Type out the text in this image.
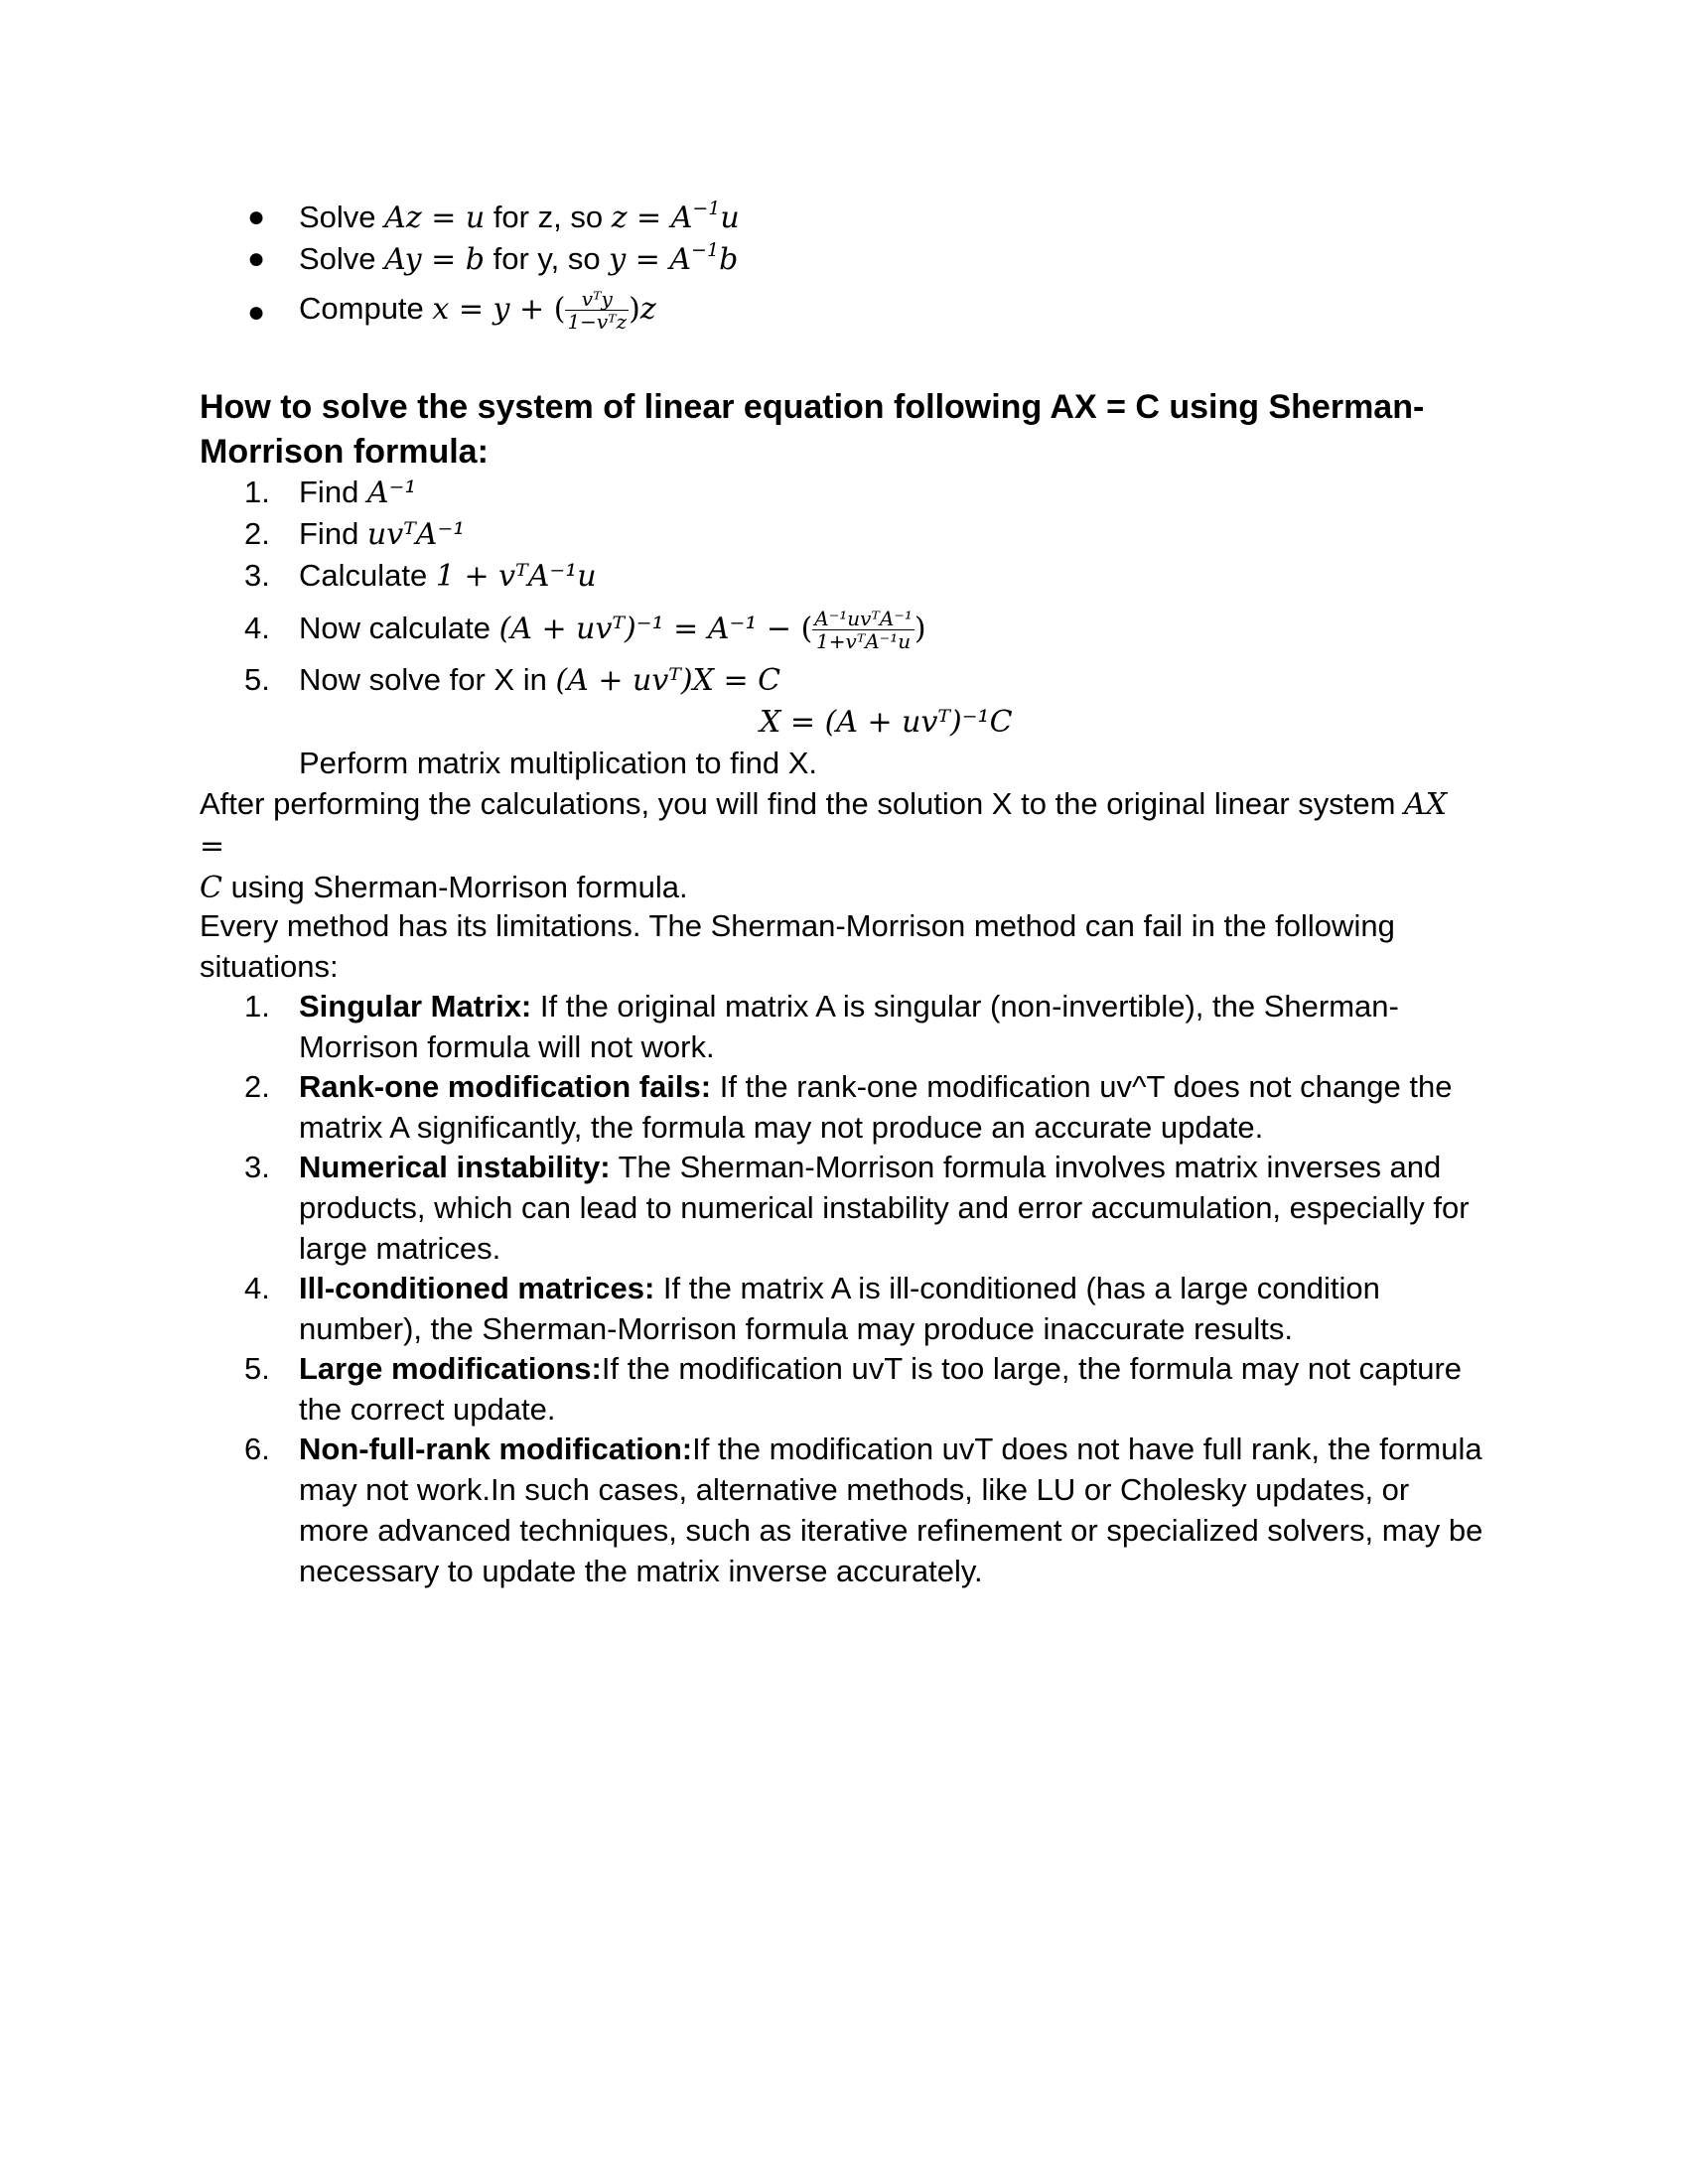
● Solve Az = u for z, so $z = A^{-1}u$
● Solve Ay = b for y, so $y = A^{-1}b$
● Compute x = y + ( $\frac{\text{vᵀy}}{\text{1−vᵀz}} )z$
How to solve the system of linear equation following AX = C using Sherman-Morrison formula:
1. Find A⁻¹
2. Find uvᵀA⁻¹
3. Calculate 1 + vᵀA⁻¹u
4. Now calculate (A + uvᵀ)⁻¹ = A⁻¹ − ( $\frac{\text{A⁻¹uvᵀA⁻¹}}{\text{1+vᵀA⁻¹u}}$ )
5. Now solve for X in (A + uvᵀ)X = C
X = (A + uvᵀ)⁻¹C
Perform matrix multiplication to find X.
After performing the calculations, you will find the solution X to the original linear system AX =
C using Sherman-Morrison formula.
Every method has its limitations. The Sherman-Morrison method can fail in the following situations:
1. Singular Matrix: If the original matrix A is singular (non-invertible), the Sherman-Morrison formula will not work.
2. Rank-one modification fails: If the rank-one modification uv^T does not change the matrix A significantly, the formula may not produce an accurate update.
3. Numerical instability: The Sherman-Morrison formula involves matrix inverses and products, which can lead to numerical instability and error accumulation, especially for large matrices.
4. Ill-conditioned matrices: If the matrix A is ill-conditioned (has a large condition number), the Sherman-Morrison formula may produce inaccurate results.
5. Large modifications:If the modification uvT is too large, the formula may not capture the correct update.
6. Non-full-rank modification:If the modification uvT does not have full rank, the formula may not work.In such cases, alternative methods, like LU or Cholesky updates, or more advanced techniques, such as iterative refinement or specialized solvers, may be necessary to update the matrix inverse accurately.
